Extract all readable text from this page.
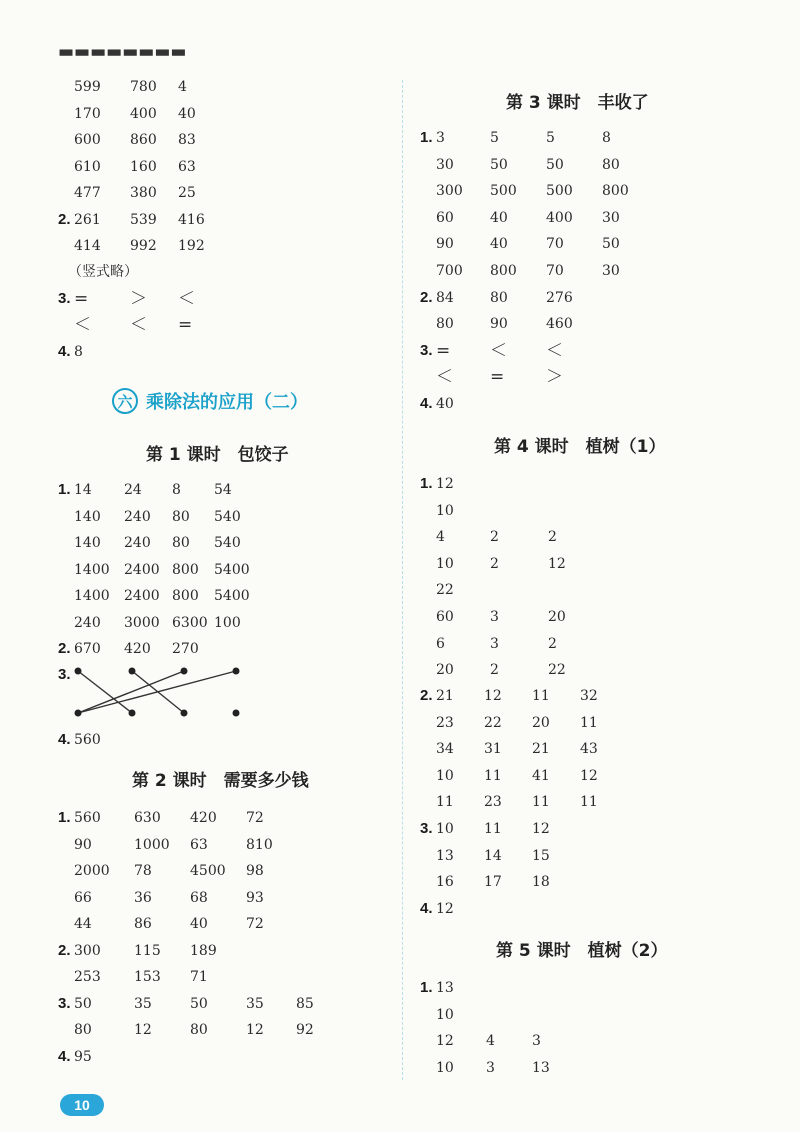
▬▬▬▬▬▬▬▬
599 780 4
170 400 40
600 860 83
610 160 63
477 380 25
2. 261 539 416
414 992 192
（竖式略）
3. = ＞ ＜
＜ ＜ =
4. 8
第 1 课时　包饺子
1. 14 24 8 54
140 240 80 540
140 240 80 540
1400 2400 800 5400
1400 2400 800 5400
240 3000 6300 100
2. 670 420 270
3.
4. 560
第 2 课时　需要多少钱
1. 560 630 420 72
90	1000 63	810
2000 78	4500 98
66	36	68	93
44	86	40	72
2. 300 115 189
253 153 71
3. 50	35	50	35 85
80	12	80	12 92
4. 95
第 3 课时　丰收了
1. 3	5	5	8
30	50	50	80
300 500 500 800
60	40	400 30
90	40	70	50
700 800 70	30
2. 84	80	276
80	90	460
3. = ＜ ＜
＜ = ＞
4. 40
第 4 课时　植树（1）
1. 12
10
4	2	2
10	2	12
22
60	3	20
6	3	2
20	2	22
2. 21 12 11 32
23 22 20 11
34 31 21 43
10 11 41 12
11 23 11 11
3. 10 11 12
13 14 15
16 17 18
4. 12
第 5 课时　植树（2）
1. 13
10
12 4	3
10 3	13
六 乘除法的应用（二）
10
